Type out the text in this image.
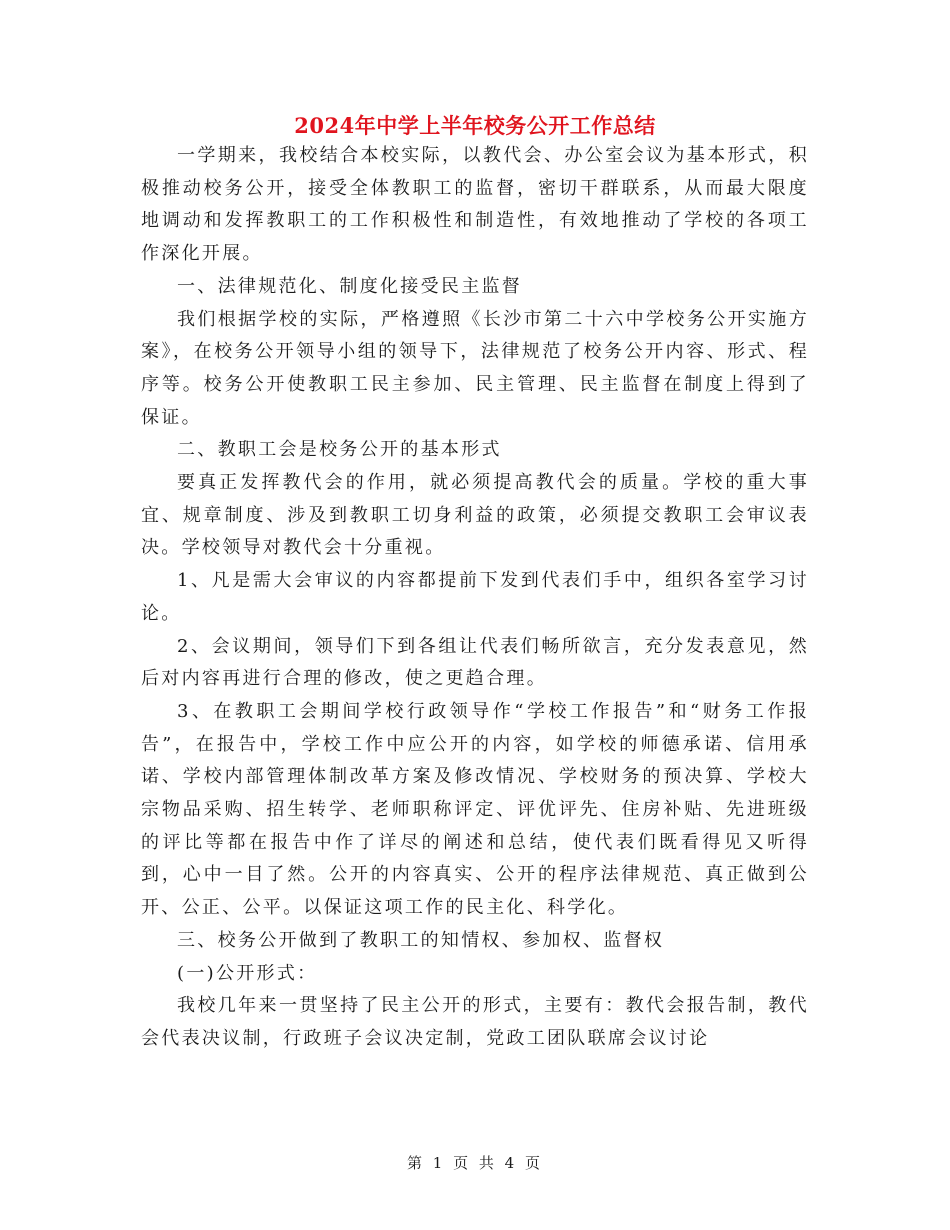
2024年中学上半年校务公开工作总结

一学期来，我校结合本校实际，以教代会、办公室会议为基本形式，积极推动校务公开，接受全体教职工的监督，密切干群联系，从而最大限度地调动和发挥教职工的工作积极性和制造性，有效地推动了学校的各项工作深化开展。

一、法律规范化、制度化接受民主监督

我们根据学校的实际，严格遵照《长沙市第二十六中学校务公开实施方案》，在校务公开领导小组的领导下，法律规范了校务公开内容、形式、程序等。校务公开使教职工民主参加、民主管理、民主监督在制度上得到了保证。

二、教职工会是校务公开的基本形式

要真正发挥教代会的作用，就必须提高教代会的质量。学校的重大事宜、规章制度、涉及到教职工切身利益的政策，必须提交教职工会审议表决。学校领导对教代会十分重视。

1、凡是需大会审议的内容都提前下发到代表们手中，组织各室学习讨论。

2、会议期间，领导们下到各组让代表们畅所欲言，充分发表意见，然后对内容再进行合理的修改，使之更趋合理。

3、在教职工会期间学校行政领导作“学校工作报告”和“财务工作报告”，在报告中，学校工作中应公开的内容，如学校的师德承诺、信用承诺、学校内部管理体制改革方案及修改情况、学校财务的预决算、学校大宗物品采购、招生转学、老师职称评定、评优评先、住房补贴、先进班级的评比等都在报告中作了详尽的阐述和总结，使代表们既看得见又听得到，心中一目了然。公开的内容真实、公开的程序法律规范、真正做到公开、公正、公平。以保证这项工作的民主化、科学化。

三、校务公开做到了教职工的知情权、参加权、监督权

(一)公开形式：

我校几年来一贯坚持了民主公开的形式，主要有：教代会报告制，教代会代表决议制，行政班子会议决定制，党政工团队联席会议讨论

第 1 页 共 4 页
